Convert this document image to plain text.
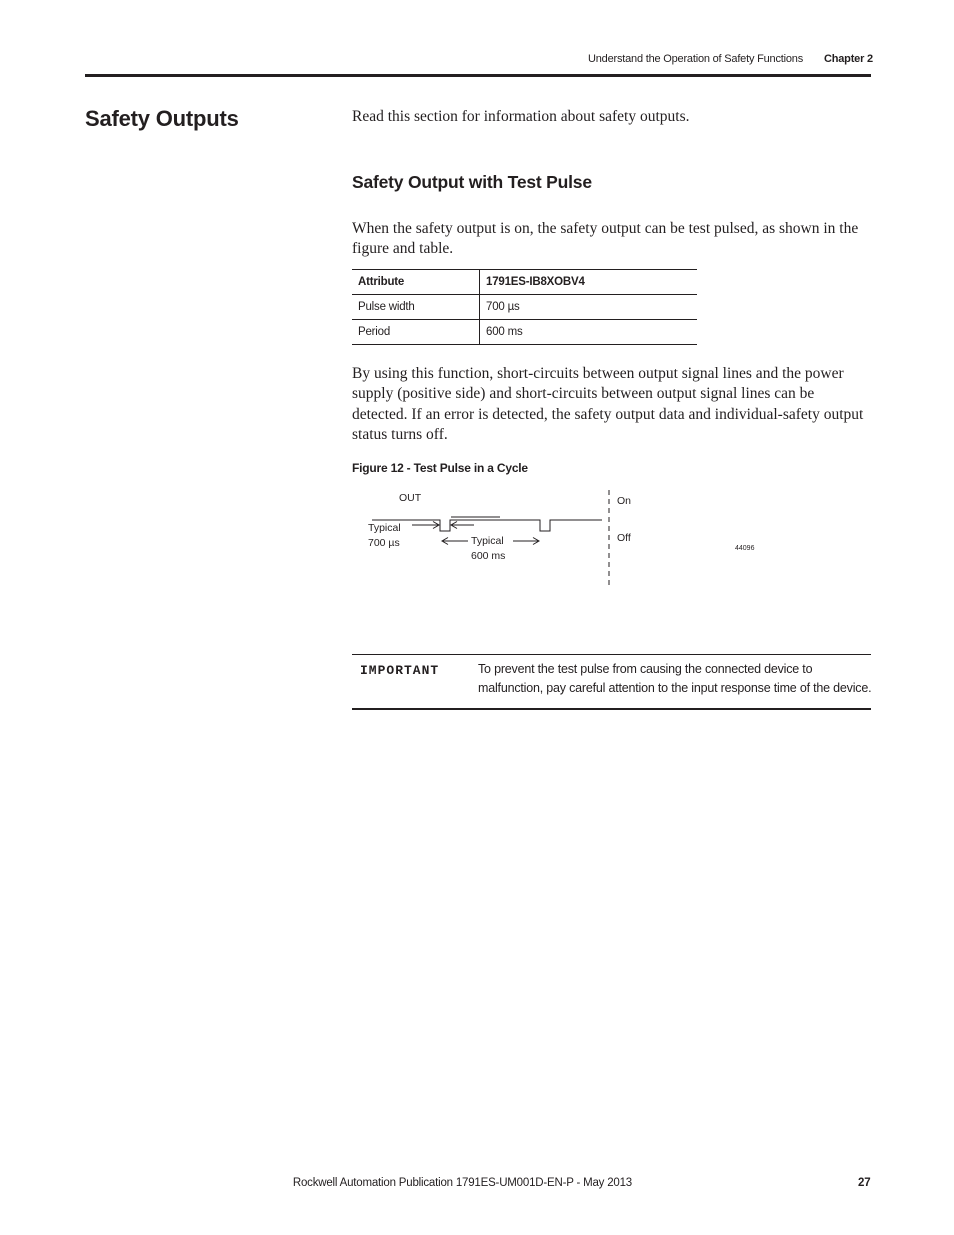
Understand the Operation of Safety Functions Chapter 2
Safety Outputs	Read this section for information about safety outputs.
Safety Output with Test Pulse
When the safety output is on, the safety output can be test pulsed, as shown in the figure and table.
Attribute	1791ES-IB8XOBV4
Pulse width	700 µs
Period	600 ms
By using this function, short-circuits between output signal lines and the power supply (positive side) and short-circuits between output signal lines can be detected. If an error is detected, the safety output data and individual-safety output status turns off.
Figure 12 - Test Pulse in a Cycle
OUT	On
Off
Typical
700 µs	Typical
600 ms
44096
IMPORTANT	To prevent the test pulse from causing the connected device to malfunction, pay careful attention to the input response time of the device.
Rockwell Automation Publication 1791ES-UM001D-EN-P - May 2013	27
